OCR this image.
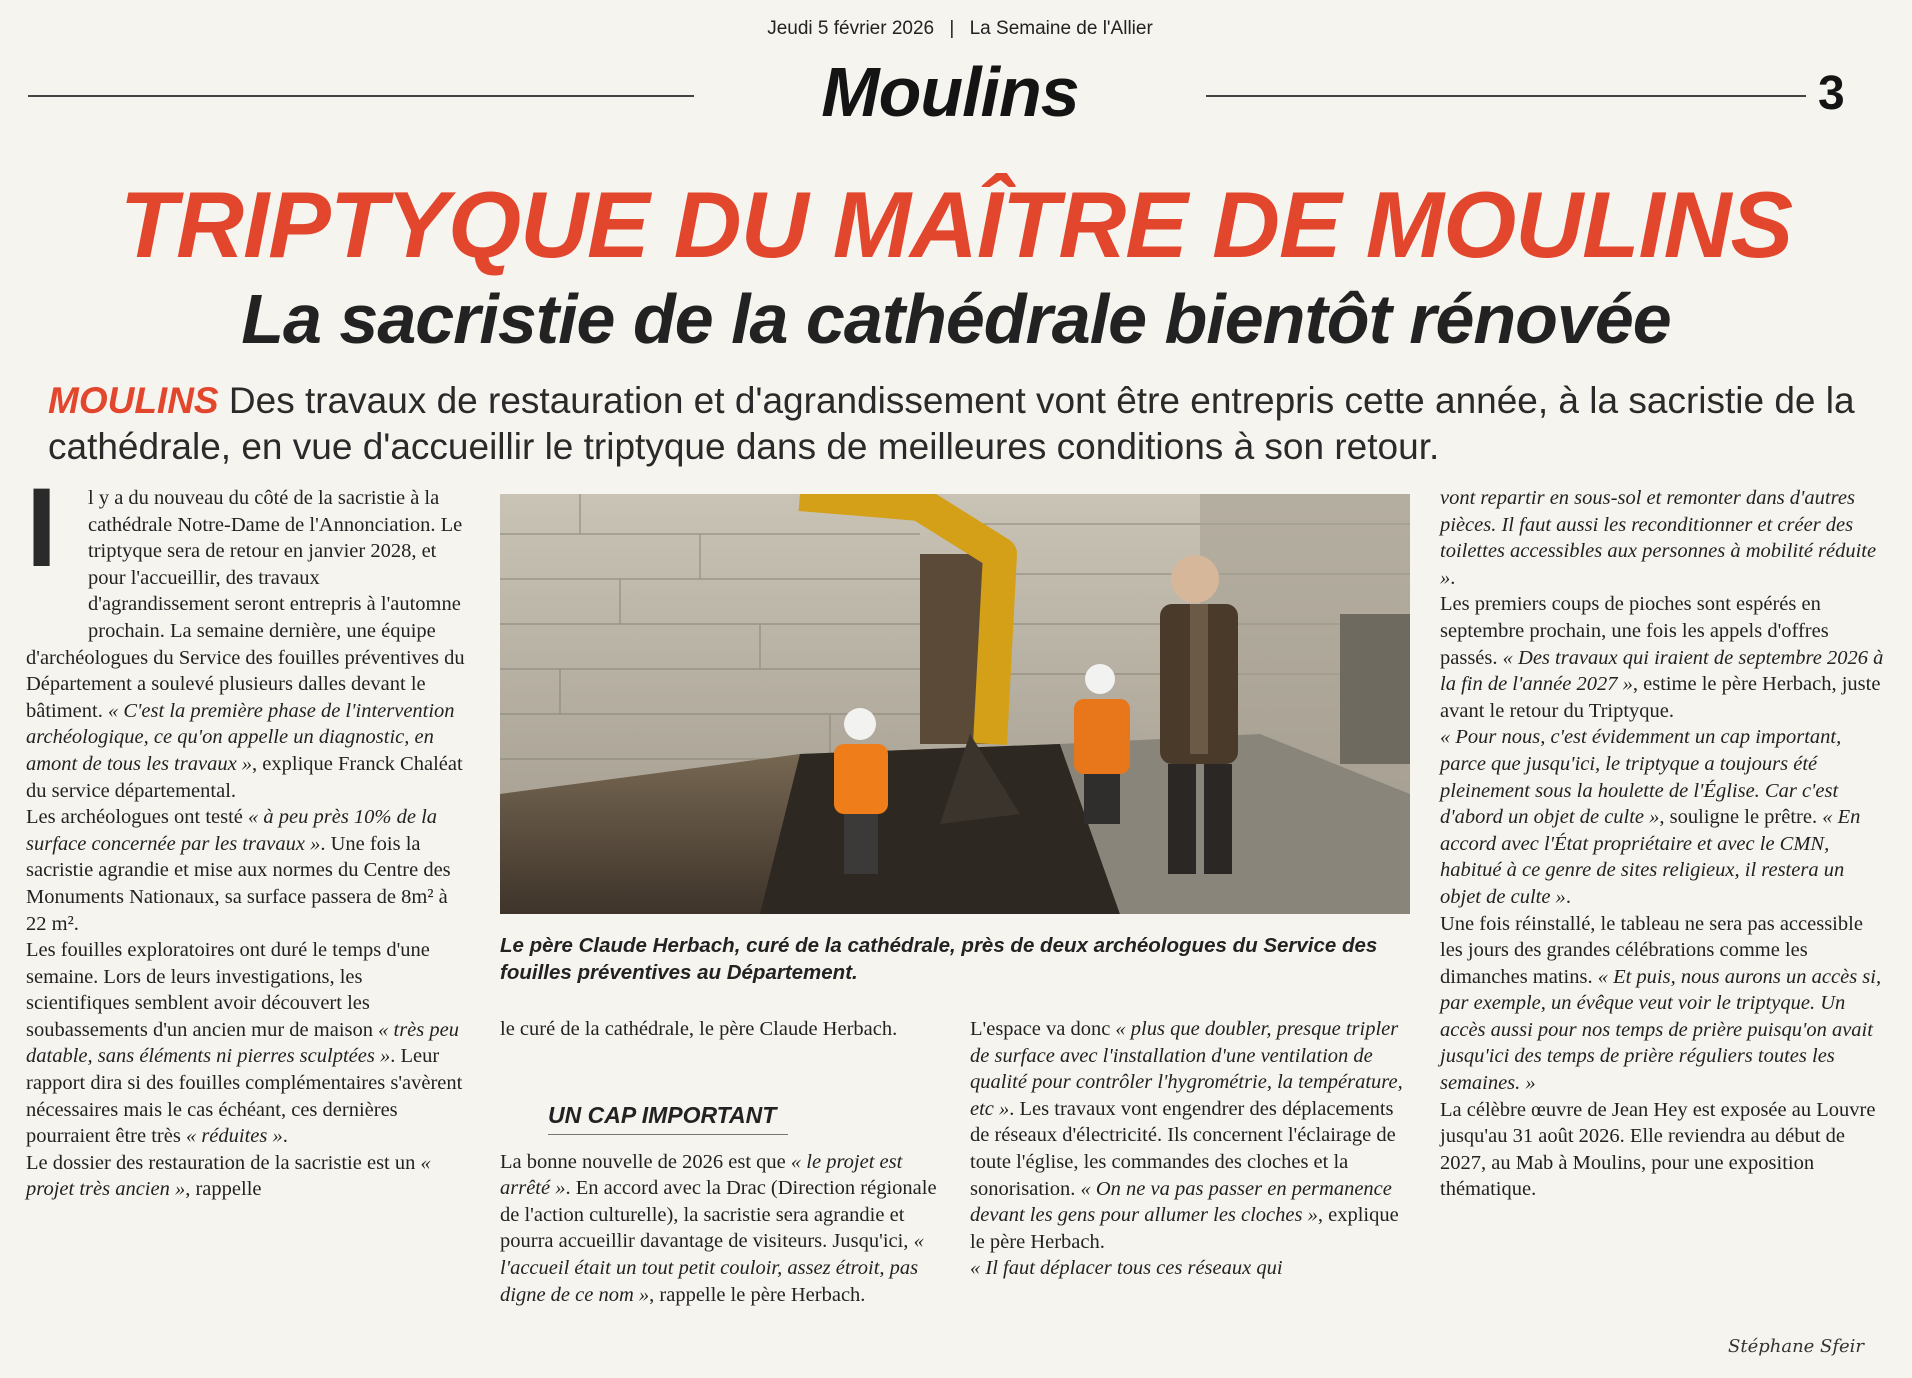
Jeudi 5 février 2026 | La Semaine de l'Allier
Moulins	3
TRIPTYQUE DU MAÎTRE DE MOULINS
La sacristie de la cathédrale bientôt rénovée
MOULINS Des travaux de restauration et d'agrandissement vont être entrepris cette année, à la sacristie de la cathédrale, en vue d'accueillir le triptyque dans de meilleures conditions à son retour.
I	l y a du nouveau du côté de la sacristie à la cathédrale Notre-Dame de l'Annonciation. Le triptyque sera de retour en janvier 2028, et pour l'accueillir, des travaux d'agrandissement seront entrepris à l'automne prochain. La semaine dernière, une équipe d'archéologues du Service des fouilles préventives du Département a soulevé plusieurs dalles devant le bâtiment. « C'est la première phase de l'intervention archéologique, ce qu'on appelle un diagnostic, en amont de tous les travaux », explique Franck Chaléat du service départemental.

Les archéologues ont testé « à peu près 10% de la surface concernée par les travaux ». Une fois la sacristie agrandie et mise aux normes du Centre des Monuments Nationaux, sa surface passera de 8m² à 22 m².

Les fouilles exploratoires ont duré le temps d'une semaine. Lors de leurs investigations, les scientifiques semblent avoir découvert les soubassements d'un ancien mur de maison « très peu datable, sans éléments ni pierres sculptées ». Leur rapport dira si des fouilles complémentaires s'avèrent nécessaires mais le cas échéant, ces dernières pourraient être très « réduites ».

Le dossier des restauration de la sacristie est un « projet très ancien », rappelle

Le père Claude Herbach, curé de la cathédrale, près de deux archéologues du Service des fouilles préventives au Département.

le curé de la cathédrale, le père Claude Herbach.

La bonne nouvelle de 2026 est que « le projet est arrêté ». En accord avec la Drac (Direction régionale de l'action culturelle), la sacristie sera agrandie et pourra accueillir davantage de visiteurs. Jusqu'ici, « l'accueil était un tout petit couloir, assez étroit, pas digne de ce nom », rappelle le père Herbach.

UN CAP IMPORTANT

L'espace va donc « plus que doubler, presque tripler de surface avec l'installation d'une ventilation de qualité pour contrôler l'hygrométrie, la température, etc ». Les travaux vont engendrer des déplacements de réseaux d'électricité. Ils concernent l'éclairage de toute l'église, les commandes des cloches et la sonorisation. « On ne va pas passer en permanence devant les gens pour allumer les cloches », explique le père Herbach.

« Il faut déplacer tous ces réseaux qui

vont repartir en sous-sol et remonter dans d'autres pièces. Il faut aussi les reconditionner et créer des toilettes accessibles aux personnes à mobilité réduite ».

Les premiers coups de pioches sont espérés en septembre prochain, une fois les appels d'offres passés. « Des travaux qui iraient de septembre 2026 à la fin de l'année 2027 », estime le père Herbach, juste avant le retour du Triptyque.

« Pour nous, c'est évidemment un cap important, parce que jusqu'ici, le triptyque a toujours été pleinement sous la houlette de l'Église. Car c'est d'abord un objet de culte », souligne le prêtre. « En accord avec l'État propriétaire et avec le CMN, habitué à ce genre de sites religieux, il restera un objet de culte ».

Une fois réinstallé, le tableau ne sera pas accessible les jours des grandes célébrations comme les dimanches matins. « Et puis, nous aurons un accès si, par exemple, un évêque veut voir le triptyque. Un accès aussi pour nos temps de prière puisqu'on avait jusqu'ici des temps de prière réguliers toutes les semaines. »

La célèbre œuvre de Jean Hey est exposée au Louvre jusqu'au 31 août 2026. Elle reviendra au début de 2027, au Mab à Moulins, pour une exposition thématique.

Stéphane Sfeir
